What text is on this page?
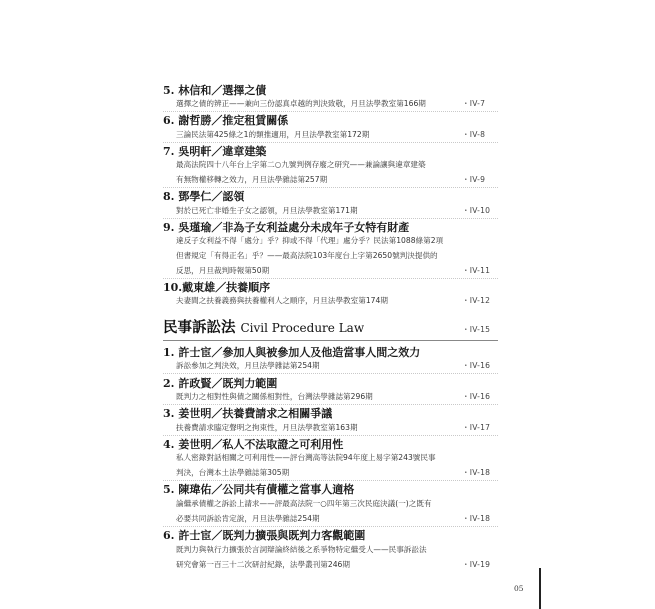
5. 林信和／選擇之債
選擇之債的辨正——兼向三份認真卓越的判決致敬，月旦法學教室第166期	・IV-7
6. 謝哲勝／推定租賃關係
三論民法第425條之1的類推適用，月旦法學教室第172期	・IV-8
7. 吳明軒／違章建築
最高法院四十八年台上字第二○九號判例存廢之研究——兼論讓與違章建築
有無物權移轉之效力，月旦法學雜誌第257期	・IV-9
8. 鄧學仁／認領
對於已死亡非婚生子女之認領，月旦法學教室第171期	・IV-10
9. 吳瑾瑜／非為子女利益處分未成年子女特有財產
違反子女利益不得「處分」乎？抑或不得「代理」處分乎？民法第1088條第2項
但書規定「有得正名」乎？——最高法院103年度台上字第2650號判決提供的
反思，月旦裁判時報第50期	・IV-11
10.戴東雄／扶養順序
夫妻間之扶養義務與扶養權利人之順序，月旦法學教室第174期	・IV-12
民事訴訟法 Civil Procedure Law	・IV-15
1. 許士宦／參加人與被參加人及他造當事人間之效力
訴訟參加之判決效，月旦法學雜誌第254期	・IV-16
2. 許政賢／既判力範圍
既判力之相對性與債之關係相對性，台灣法學雜誌第296期	・IV-16
3. 姜世明／扶養費請求之相關爭議
扶養費請求臨定聲明之拘束性，月旦法學教室第163期	・IV-17
4. 姜世明／私人不法取證之可利用性
私人密錄對話相關之可利用性——評台灣高等法院94年度上易字第243號民事
判決，台灣本土法學雜誌第305期	・IV-18
5. 陳瑋佑／公同共有債權之當事人適格
論繼承債權之訴訟上請求——評最高法院一○四年第三次民庭決議(一)之既有
必要共同訴訟肯定說，月旦法學雜誌254期	・IV-18
6. 許士宦／既判力擴張與既判力客觀範圍
既判力與執行力擴張於言詞辯論終結後之系爭物特定繼受人——民事訴訟法
研究會第一百三十二次研討紀錄，法學叢刊第246期	・IV-19
05
